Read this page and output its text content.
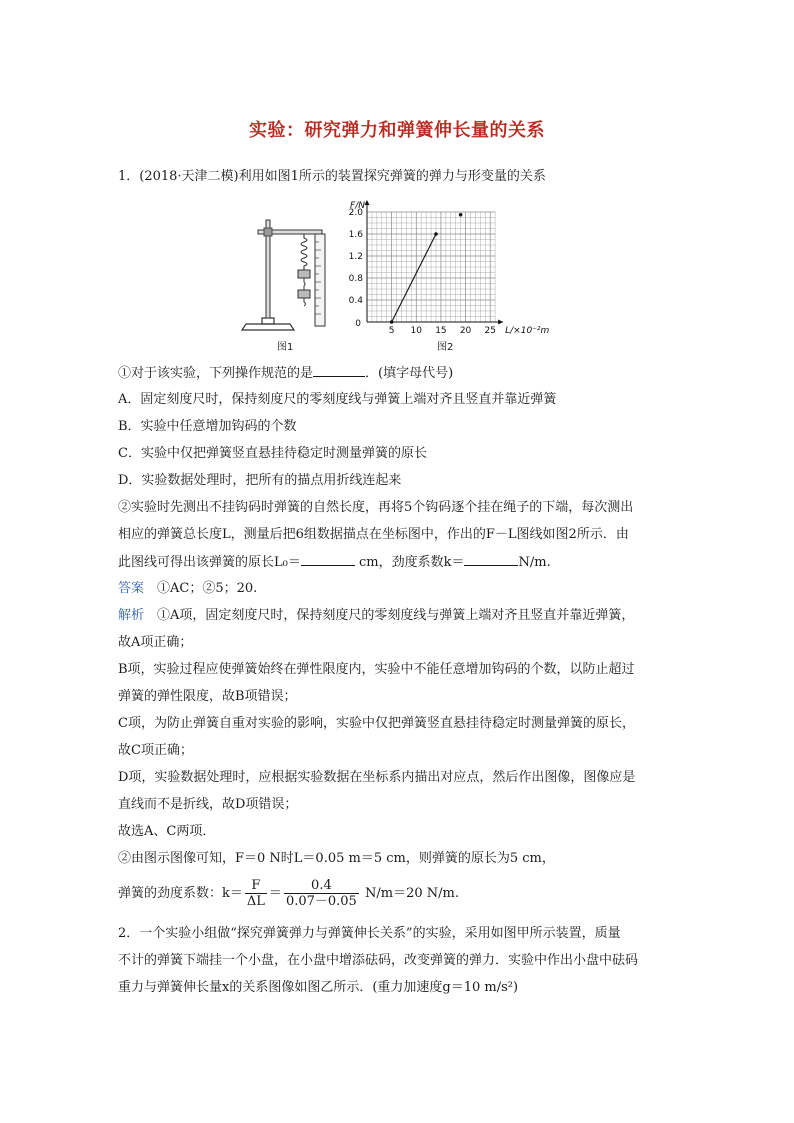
实验：研究弹力和弹簧伸长量的关系
1．(2018·天津二模)利用如图1所示的装置探究弹簧的弹力与形变量的关系
图1
5 10 15 20 25
0.4
0.8
1.2
1.6
2.0
0
F/N
L/×10⁻²m
图2
①对于该实验，下列操作规范的是	．(填字母代号)
A．固定刻度尺时，保持刻度尺的零刻度线与弹簧上端对齐且竖直并靠近弹簧
B．实验中任意增加钩码的个数
C．实验中仅把弹簧竖直悬挂待稳定时测量弹簧的原长
D．实验数据处理时，把所有的描点用折线连起来
②实验时先测出不挂钩码时弹簧的自然长度，再将5个钩码逐个挂在绳子的下端，每次测出
相应的弹簧总长度L，测量后把6组数据描点在坐标图中，作出的F－L图线如图2所示．由
此图线可得出该弹簧的原长L₀＝	cm，劲度系数k＝	N/m.
答案　 ①AC；②5；20.
解析　 ①A项，固定刻度尺时，保持刻度尺的零刻度线与弹簧上端对齐且竖直并靠近弹簧，
故A项正确；
B项，实验过程应使弹簧始终在弹性限度内，实验中不能任意增加钩码的个数，以防止超过
弹簧的弹性限度，故B项错误；
C项，为防止弹簧自重对实验的影响，实验中仅把弹簧竖直悬挂待稳定时测量弹簧的原长，
故C项正确；
D项，实验数据处理时，应根据实验数据在坐标系内描出对应点，然后作出图像，图像应是
直线而不是折线，故D项错误；
故选A、C两项．
②由图示图像可知，F＝0 N时L＝0.05 m＝5 cm，则弹簧的原长为5 cm，
弹簧的劲度系数：$k= \frac{F}{\Delta L} = \frac{0.4}{0.07-0.05} N/m=20$ N/m.
2．一个实验小组做“探究弹簧弹力与弹簧伸长关系”的实验，采用如图甲所示装置，质量
不计的弹簧下端挂一个小盘，在小盘中增添砝码，改变弹簧的弹力．实验中作出小盘中砝码
重力与弹簧伸长量x的关系图像如图乙所示．(重力加速度g＝10 m/s²)
